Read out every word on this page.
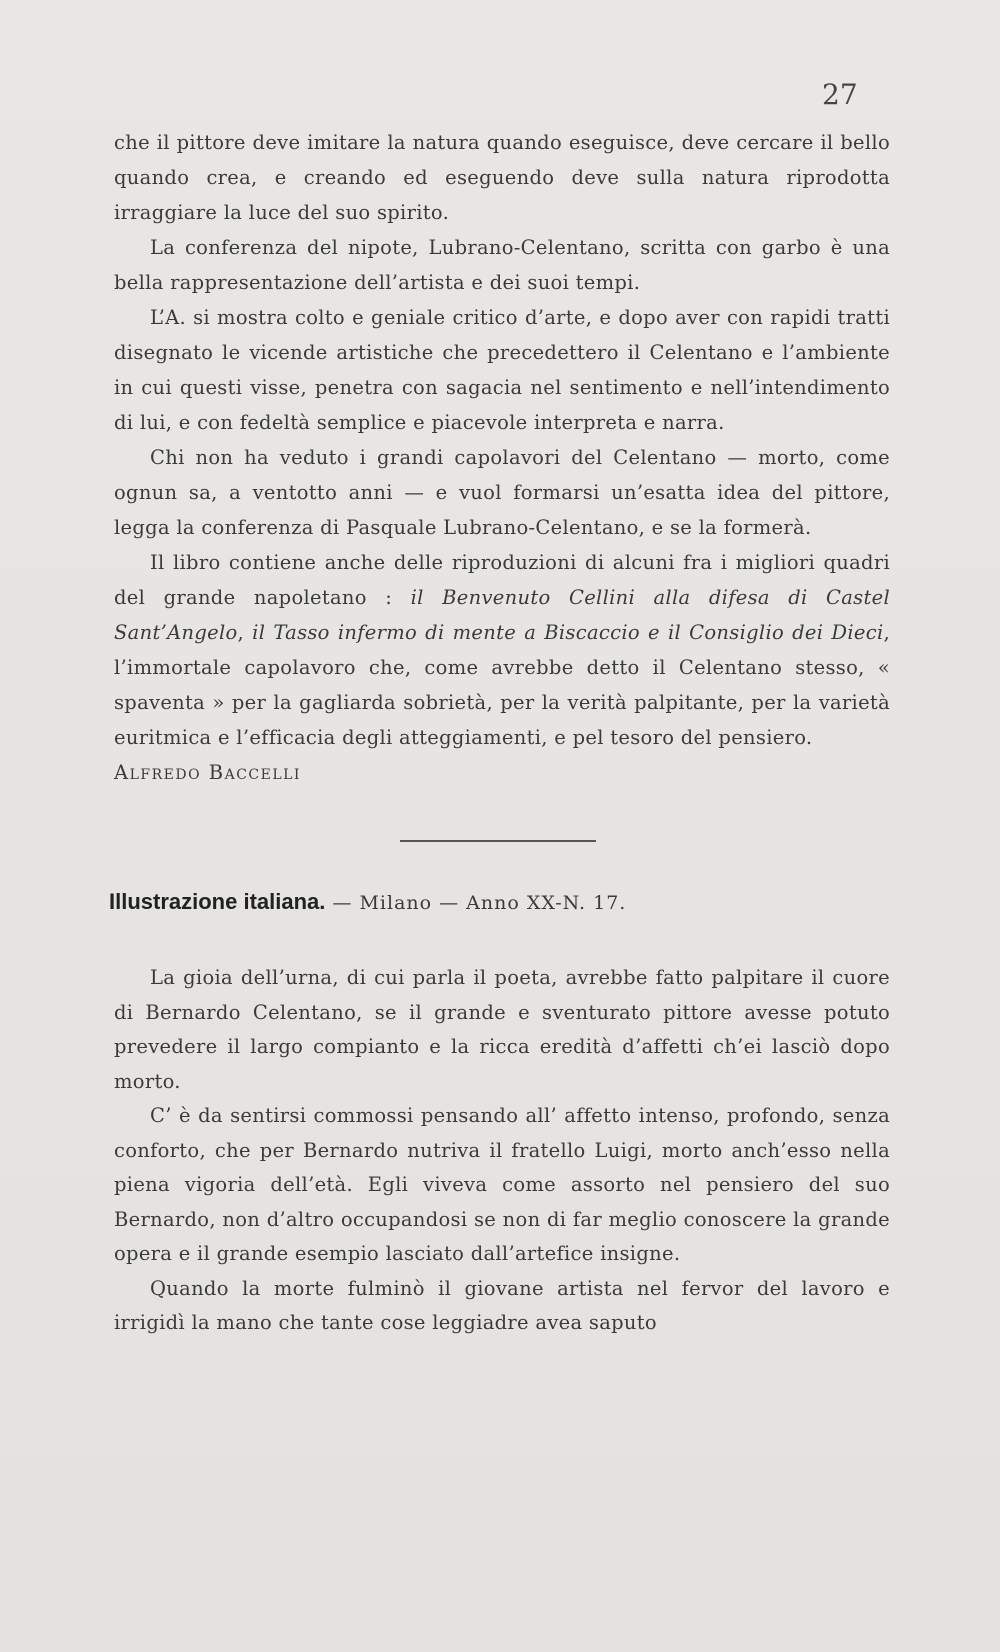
27

che il pittore deve imitare la natura quando eseguisce, deve cercare il bello quando crea, e creando ed eseguendo deve sulla natura riprodotta irraggiare la luce del suo spirito.

La conferenza del nipote, Lubrano-Celentano, scritta con garbo è una bella rappresentazione dell’artista e dei suoi tempi.

L’A. si mostra colto e geniale critico d’arte, e dopo aver con rapidi tratti disegnato le vicende artistiche che precedettero il Celentano e l’ambiente in cui questi visse, penetra con sagacia nel sentimento e nell’intendimento di lui, e con fedeltà semplice e piacevole interpreta e narra.

Chi non ha veduto i grandi capolavori del Celentano — morto, come ognun sa, a ventotto anni — e vuol formarsi un’esatta idea del pittore, legga la conferenza di Pasquale Lubrano-Celentano, e se la formerà.

Il libro contiene anche delle riproduzioni di alcuni fra i migliori quadri del grande napoletano : il Benvenuto Cellini alla difesa di Castel Sant’Angelo, il Tasso infermo di mente a Biscaccio e il Consiglio dei Dieci, l’immortale capolavoro che, come avrebbe detto il Celentano stesso, « spaventa » per la gagliarda sobrietà, per la verità palpitante, per la varietà euritmica e l’efficacia degli atteggiamenti, e pel tesoro del pensiero.

Alfredo Baccelli

Illustrazione italiana. — Milano — Anno XX-N. 17.

La gioia dell’urna, di cui parla il poeta, avrebbe fatto palpitare il cuore di Bernardo Celentano, se il grande e sventurato pittore avesse potuto prevedere il largo compianto e la ricca eredità d’affetti ch’ei lasciò dopo morto.

C’ è da sentirsi commossi pensando all’ affetto intenso, profondo, senza conforto, che per Bernardo nutriva il fratello Luigi, morto anch’esso nella piena vigoria dell’età. Egli viveva come assorto nel pensiero del suo Bernardo, non d’altro occupandosi se non di far meglio conoscere la grande opera e il grande esempio lasciato dall’artefice insigne.

Quando la morte fulminò il giovane artista nel fervor del lavoro e irrigidì la mano che tante cose leggiadre avea saputo
